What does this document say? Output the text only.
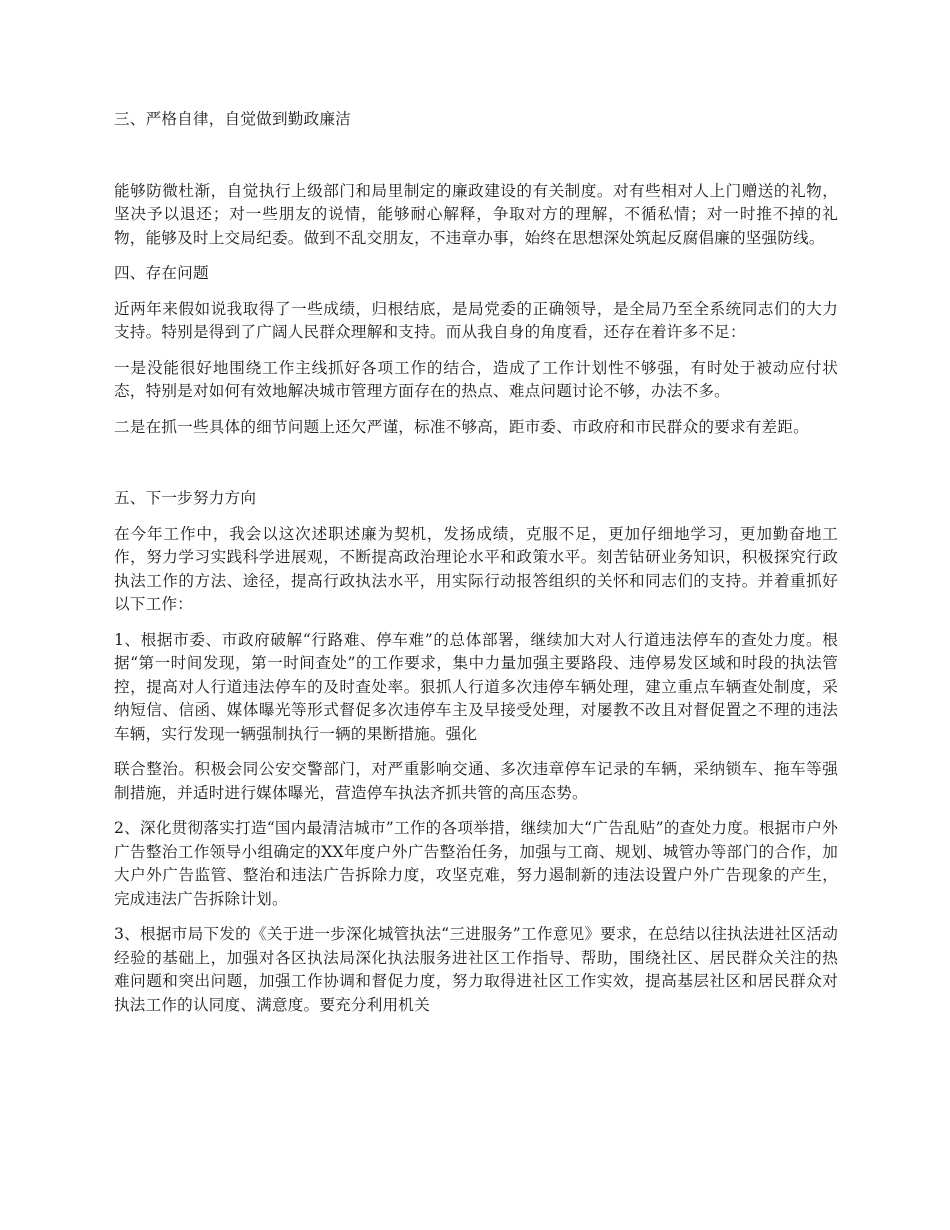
三、严格自律，自觉做到勤政廉洁

能够防微杜渐，自觉执行上级部门和局里制定的廉政建设的有关制度。对有些相对人上门赠送的礼物，坚决予以退还；对一些朋友的说情，能够耐心解释，争取对方的理解，不循私情；对一时推不掉的礼物，能够及时上交局纪委。做到不乱交朋友，不违章办事，始终在思想深处筑起反腐倡廉的坚强防线。

四、存在问题

近两年来假如说我取得了一些成绩，归根结底，是局党委的正确领导，是全局乃至全系统同志们的大力支持。特别是得到了广阔人民群众理解和支持。而从我自身的角度看，还存在着许多不足：

一是没能很好地围绕工作主线抓好各项工作的结合，造成了工作计划性不够强，有时处于被动应付状态，特别是对如何有效地解决城市管理方面存在的热点、难点问题讨论不够，办法不多。

二是在抓一些具体的细节问题上还欠严谨，标准不够高，距市委、市政府和市民群众的要求有差距。

五、下一步努力方向

在今年工作中，我会以这次述职述廉为契机，发扬成绩，克服不足，更加仔细地学习，更加勤奋地工作，努力学习实践科学进展观，不断提高政治理论水平和政策水平。刻苦钻研业务知识，积极探究行政执法工作的方法、途径，提高行政执法水平，用实际行动报答组织的关怀和同志们的支持。并着重抓好以下工作：

1、根据市委、市政府破解“行路难、停车难”的总体部署，继续加大对人行道违法停车的查处力度。根据“第一时间发现，第一时间查处”的工作要求，集中力量加强主要路段、违停易发区域和时段的执法管控，提高对人行道违法停车的及时查处率。狠抓人行道多次违停车辆处理，建立重点车辆查处制度，采纳短信、信函、媒体曝光等形式督促多次违停车主及早接受处理，对屡教不改且对督促置之不理的违法车辆，实行发现一辆强制执行一辆的果断措施。强化

联合整治。积极会同公安交警部门，对严重影响交通、多次违章停车记录的车辆，采纳锁车、拖车等强制措施，并适时进行媒体曝光，营造停车执法齐抓共管的高压态势。

2、深化贯彻落实打造“国内最清洁城市”工作的各项举措，继续加大“广告乱贴”的查处力度。根据市户外广告整治工作领导小组确定的XX年度户外广告整治任务，加强与工商、规划、城管办等部门的合作，加大户外广告监管、整治和违法广告拆除力度，攻坚克难，努力遏制新的违法设置户外广告现象的产生，完成违法广告拆除计划。

3、根据市局下发的《关于进一步深化城管执法“三进服务”工作意见》要求，在总结以往执法进社区活动经验的基础上，加强对各区执法局深化执法服务进社区工作指导、帮助，围绕社区、居民群众关注的热难问题和突出问题，加强工作协调和督促力度，努力取得进社区工作实效，提高基层社区和居民群众对执法工作的认同度、满意度。要充分利用机关
